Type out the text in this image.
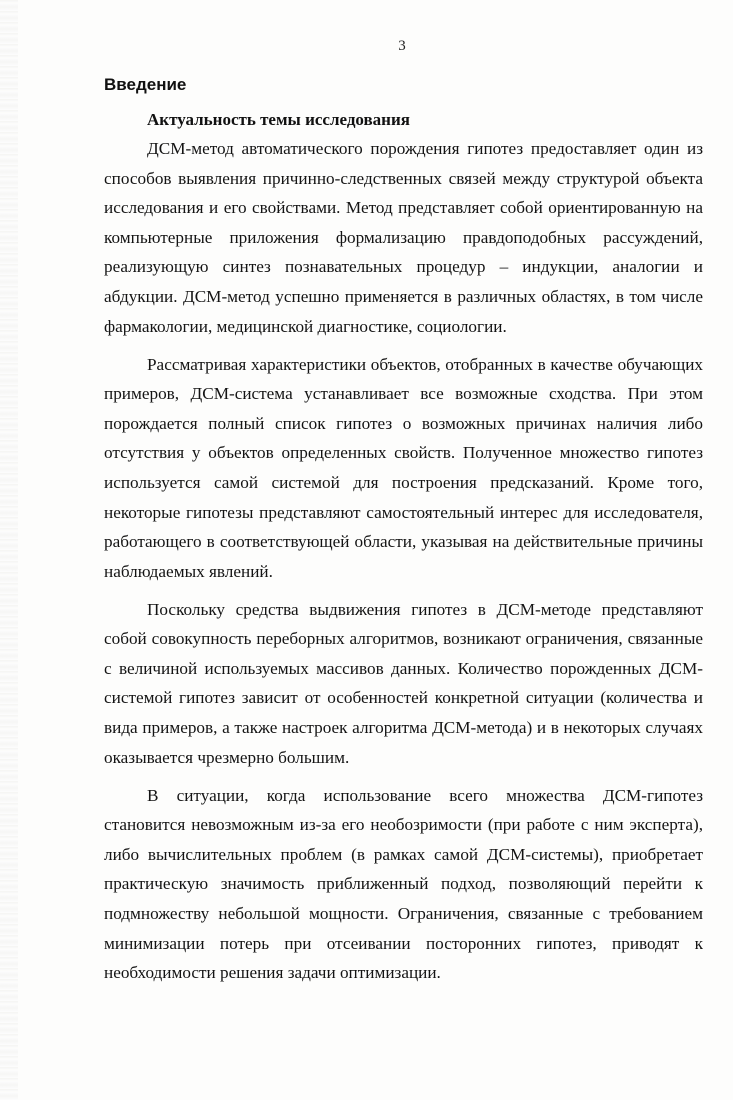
3
Введение
Актуальность темы исследования

ДСМ-метод автоматического порождения гипотез предоставляет один из способов выявления причинно-следственных связей между структурой объекта исследования и его свойствами. Метод представляет собой ориентированную на компьютерные приложения формализацию правдоподобных рассуждений, реализующую синтез познавательных процедур – индукции, аналогии и абдукции. ДСМ-метод успешно применяется в различных областях, в том числе фармакологии, медицинской диагностике, социологии.

Рассматривая характеристики объектов, отобранных в качестве обучающих примеров, ДСМ-система устанавливает все возможные сходства. При этом порождается полный список гипотез о возможных причинах наличия либо отсутствия у объектов определенных свойств. Полученное множество гипотез используется самой системой для построения предсказаний. Кроме того, некоторые гипотезы представляют самостоятельный интерес для исследователя, работающего в соответствующей области, указывая на действительные причины наблюдаемых явлений.

Поскольку средства выдвижения гипотез в ДСМ-методе представляют собой совокупность переборных алгоритмов, возникают ограничения, связанные с величиной используемых массивов данных. Количество порожденных ДСМ-системой гипотез зависит от особенностей конкретной ситуации (количества и вида примеров, а также настроек алгоритма ДСМ-метода) и в некоторых случаях оказывается чрезмерно большим.

В ситуации, когда использование всего множества ДСМ-гипотез становится невозможным из-за его необозримости (при работе с ним эксперта), либо вычислительных проблем (в рамках самой ДСМ-системы), приобретает практическую значимость приближенный подход, позволяющий перейти к подмножеству небольшой мощности. Ограничения, связанные с требованием минимизации потерь при отсеивании посторонних гипотез, приводят к необходимости решения задачи оптимизации.
